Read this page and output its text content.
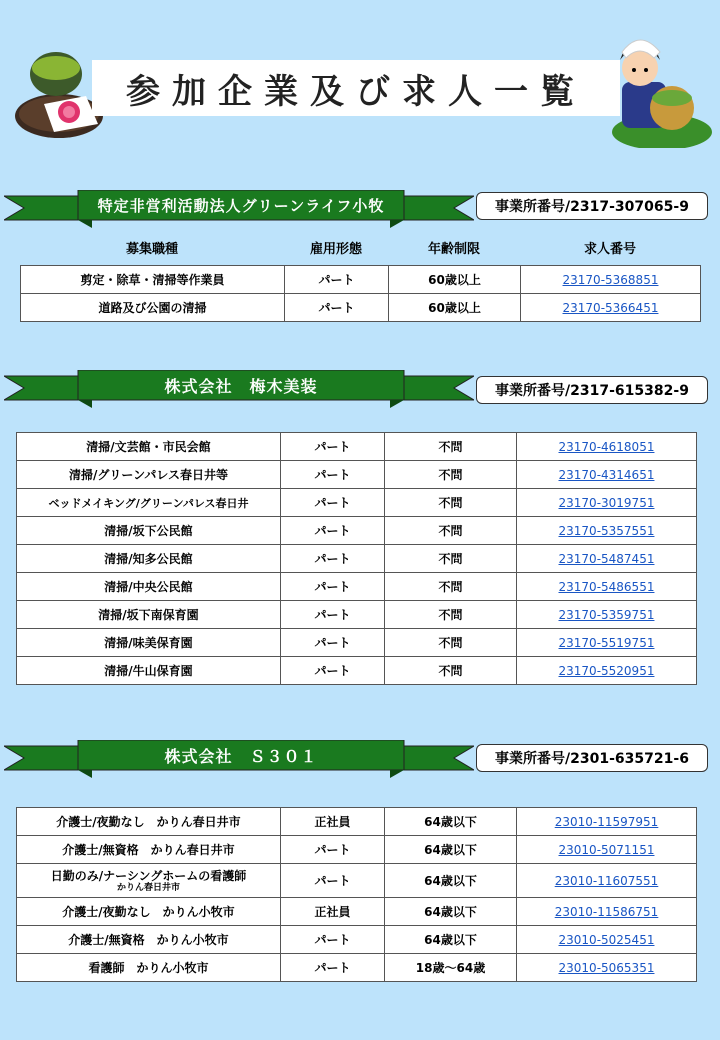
参加企業及び求人一覧
特定非営利活動法人グリーンライフ小牧	事業所番号/2317-307065-9
募集職種	雇用形態	年齢制限	求人番号
剪定・除草・清掃等作業員	パート	60歳以上	23170-5368851
道路及び公園の清掃	パート	60歳以上	23170-5366451
株式会社　梅木美装	事業所番号/2317-615382-9
清掃/文芸館・市民会館	パート	不問	23170-4618051
清掃/グリーンパレス春日井等	パート	不問	23170-4314651
ベッドメイキング/グリーンパレス春日井	パート	不問	23170-3019751
清掃/坂下公民館	パート	不問	23170-5357551
清掃/知多公民館	パート	不問	23170-5487451
清掃/中央公民館	パート	不問	23170-5486551
清掃/坂下南保育園	パート	不問	23170-5359751
清掃/味美保育園	パート	不問	23170-5519751
清掃/牛山保育園	パート	不問	23170-5520951
株式会社　Ｓ３０１	事業所番号/2301-635721-6
介護士/夜勤なし　かりん春日井市	正社員	64歳以下	23010-11597951
介護士/無資格　かりん春日井市	パート	64歳以下	23010-5071151
日勤のみ/ナーシングホームの看護師
かりん春日井市	パート	64歳以下	23010-11607551
介護士/夜勤なし　かりん小牧市	正社員	64歳以下	23010-11586751
介護士/無資格　かりん小牧市	パート	64歳以下	23010-5025451
看護師　かりん小牧市	パート	18歳～64歳	23010-5065351
